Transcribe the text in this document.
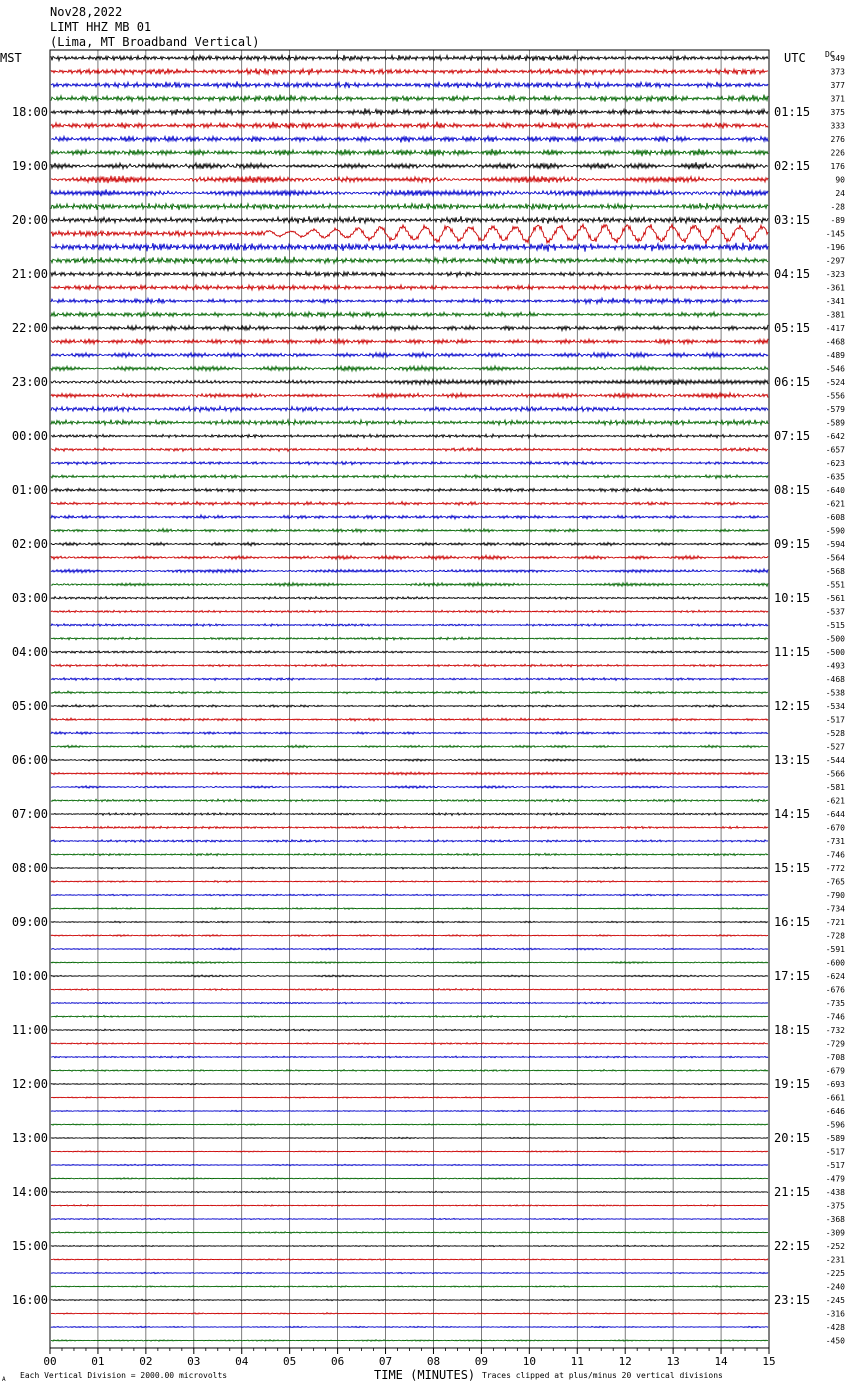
Nov28,2022
LIMT HHZ MB 01
(Lima, MT Broadband Vertical)
00	01	02	03	04	05	06	07	08	09	10	11	12	13	14	15
18:00
19:00
20:00
21:00
22:00
23:00
00:00
01:00
02:00
03:00
04:00
05:00
06:00
07:00
08:00
09:00
10:00
11:00
12:00
13:00
14:00
15:00
16:00
01:15
02:15
03:15
04:15
05:15
06:15
07:15
08:15
09:15
10:15
11:15
12:15
13:15
14:15
15:15
16:15
17:15
18:15
19:15
20:15
21:15
22:15
23:15
349
373
377
371
375
333
276
226
176
90
24
-28
-89
-145
-196
-297
-323
-361
-341
-381
-417
-468
-489
-546
-524
-556
-579
-589
-642
-657
-623
-635
-640
-621
-608
-590
-594
-564
-568
-551
-561
-537
-515
-500
-500
-493
-468
-538
-534
-517
-528
-527
-544
-566
-581
-621
-644
-670
-731
-746
-772
-765
-790
-734
-721
-728
-591
-600
-624
-676
-735
-746
-732
-729
-708
-679
-693
-661
-646
-596
-589
-517
-517
-479
-438
-375
-368
-309
-252
-231
-225
-240
-245
-316
-428
-450
MST	UTC DC
TIME (MINUTES)
Each Vertical Division = 2000.00 microvolts	Traces clipped at plus/minus 20 vertical divisions
A
